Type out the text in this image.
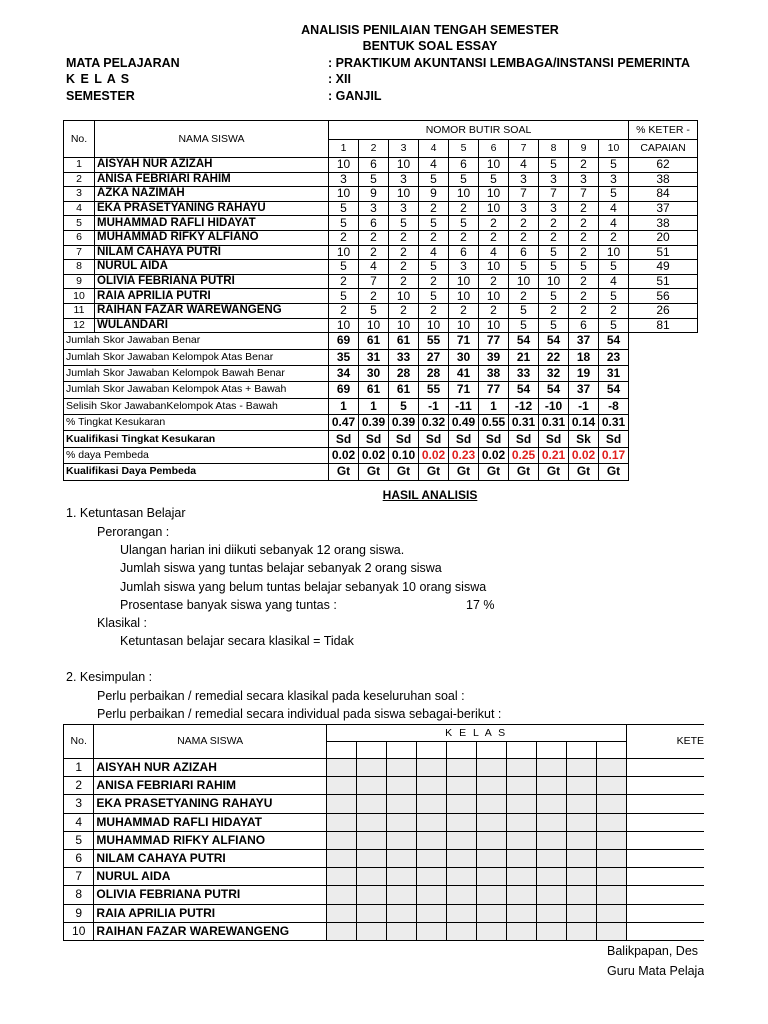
ANALISIS PENILAIAN TENGAH SEMESTER
BENTUK SOAL ESSAY
MATA PELAJARAN	: PRAKTIKUM AKUNTANSI LEMBAGA/INSTANSI PEMERINTA
K E L A S	: XII
SEMESTER	: GANJIL
No.	NAMA SISWA	NOMOR BUTIR SOAL										% KETER -
		1	2	3	4	5	6	7	8	9	10	CAPAIAN
1	AISYAH NUR AZIZAH	10	6	10	4	6	10	4	5	2	5	62
2	ANISA FEBRIARI RAHIM	3	5	3	5	5	5	3	3	3	3	38
3	AZKA NAZIMAH	10	9	10	9	10	10	7	7	7	5	84
4	EKA PRASETYANING RAHAYU	5	3	3	2	2	10	3	3	2	4	37
5	MUHAMMAD RAFLI HIDAYAT	5	6	5	5	5	2	2	2	2	4	38
6	MUHAMMAD RIFKY ALFIANO	2	2	2	2	2	2	2	2	2	2	20
7	NILAM CAHAYA PUTRI	10	2	2	4	6	4	6	5	2	10	51
8	NURUL AIDA	5	4	2	5	3	10	5	5	5	5	49
9	OLIVIA FEBRIANA PUTRI	2	7	2	2	10	2	10	10	2	4	51
10	RAIA APRILIA PUTRI	5	2	10	5	10	10	2	5	2	5	56
11	RAIHAN FAZAR WAREWANGENG	2	5	2	2	2	2	5	2	2	2	26
12	WULANDARI	10	10	10	10	10	10	5	5	6	5	81
Jumlah Skor Jawaban Benar		69	61	61	55	71	77	54	54	37	54	
Jumlah Skor Jawaban Kelompok Atas Benar		35	31	33	27	30	39	21	22	18	23	
Jumlah Skor Jawaban Kelompok Bawah Benar		34	30	28	28	41	38	33	32	19	31	
Jumlah Skor Jawaban Kelompok Atas + Bawah		69	61	61	55	71	77	54	54	37	54	
Selisih Skor JawabanKelompok Atas - Bawah		1	1	5	-1	-11	1	-12	-10	-1	-8	
% Tingkat Kesukaran		0.47	0.39	0.39	0.32	0.49	0.55	0.31	0.31	0.14	0.31	
Kualifikasi Tingkat Kesukaran		Sd	Sd	Sd	Sd	Sd	Sd	Sd	Sd	Sk	Sd	
% daya Pembeda		0.02	0.02	0.10	0.02	0.23	0.02	0.25	0.21	0.02	0.17	
Kualifikasi Daya Pembeda		Gt	Gt	Gt	Gt	Gt	Gt	Gt	Gt	Gt	Gt	
HASIL ANALISIS
1. Ketuntasan Belajar
Perorangan :
Ulangan harian ini diikuti sebanyak 12 orang siswa.
Jumlah siswa yang tuntas belajar sebanyak 2 orang siswa
Jumlah siswa yang belum tuntas belajar sebanyak 10 orang siswa
Prosentase banyak siswa yang tuntas :	17 %
Klasikal :
Ketuntasan belajar secara klasikal = Tidak
2. Kesimpulan :
Perlu perbaikan / remedial secara klasikal pada keseluruhan soal :
Perlu perbaikan / remedial secara individual pada siswa sebagai-berikut :
No.	NAMA SISWA	K E L A S										KETE

1	AISYAH NUR AZIZAH											
2	ANISA FEBRIARI RAHIM											
3	EKA PRASETYANING RAHAYU											
4	MUHAMMAD RAFLI HIDAYAT											
5	MUHAMMAD RIFKY ALFIANO											
6	NILAM CAHAYA PUTRI											
7	NURUL AIDA											
8	OLIVIA FEBRIANA PUTRI											
9	RAIA APRILIA PUTRI											
10	RAIHAN FAZAR WAREWANGENG											
Balikpapan, Des
Guru Mata Pelaja
